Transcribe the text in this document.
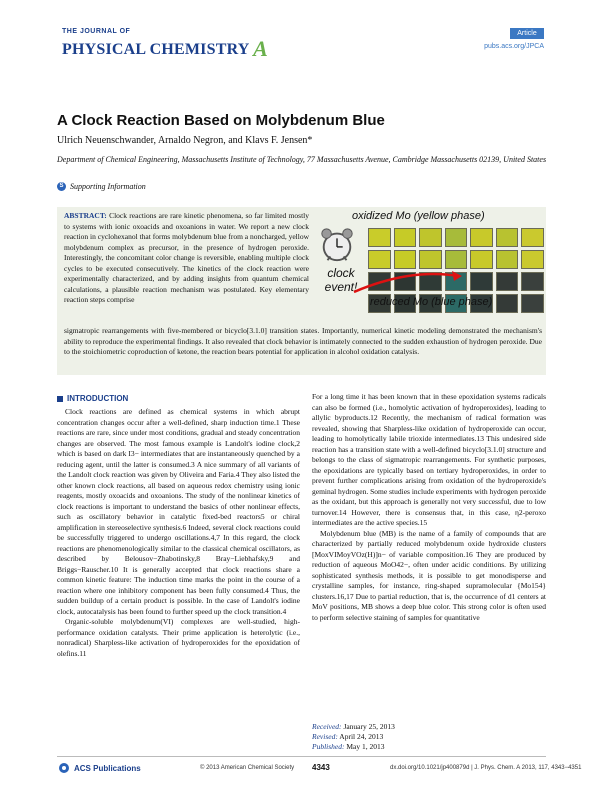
THE JOURNAL OF
PHYSICAL CHEMISTRY A
Article
pubs.acs.org/JPCA
A Clock Reaction Based on Molybdenum Blue
Ulrich Neuenschwander, Arnaldo Negron, and Klavs F. Jensen*
Department of Chemical Engineering, Massachusetts Institute of Technology, 77 Massachusetts Avenue, Cambridge Massachusetts 02139, United States
S Supporting Information
ABSTRACT: Clock reactions are rare kinetic phenomena, so far limited mostly to systems with ionic oxoacids and oxoanions in water. We report a new clock reaction in cyclohexanol that forms molybdenum blue from a noncharged, yellow molybdenum complex as precursor, in the presence of hydrogen peroxide. Interestingly, the concomitant color change is reversible, enabling multiple clock cycles to be executed consecutively. The kinetics of the clock reaction were experimentally characterized, and by adding insights from quantum chemical calculations, a plausible reaction mechanism was postulated. Key elementary reaction steps comprise
sigmatropic rearrangements with five-membered or bicyclo[3.1.0] transition states. Importantly, numerical kinetic modeling demonstrated the mechanism's ability to reproduce the experimental findings. It also revealed that clock behavior is intimately connected to the sudden exhaustion of hydrogen peroxide. Due to the stoichiometric coproduction of ketone, the reaction bears potential for application in alcohol oxidation catalysis.
oxidized Mo (yellow phase)
clock event!
reduced Mo (blue phase)
INTRODUCTION

Clock reactions are defined as chemical systems in which abrupt concentration changes occur after a well-defined, sharp induction time.1 These reactions are rare, since under most conditions, gradual and steady concentration changes are observed. The most famous example is Landolt's iodine clock,2 which is based on dark I3− intermediates that are instantaneously quenched by a reducing agent, until the latter is consumed.3 A nice summary of all variants of the Landolt clock reaction was given by Oliveira and Faria.4 They also listed the other known clock reactions, all based on aqueous redox chemistry using ionic reagents, mostly oxoacids and oxoanions. The study of the nonlinear kinetics of clock reactions is important to understand the basics of other nonlinear effects, such as oscillatory behavior in catalytic fixed-bed reactors5 or chiral amplification in stereoselective synthesis.6 Indeed, several clock reactions could be successfully triggered to undergo oscillations.4,7 In this regard, the clock reactions are phenomenologically similar to the classical chemical oscillators, as described by Belousov−Zhabotinsky,8 Bray−Liebhafsky,9 and Briggs−Rauscher.10 It is generally accepted that clock reactions share a common kinetic feature: The induction time marks the point in the course of a reaction where one inhibitory component has been fully consumed.4 Thus, the sudden buildup of a certain product is possible. In the case of Landolt's iodine clock, autocatalysis has been found to further speed up the clock transition.4

Organic-soluble molybdenum(VI) complexes are well-studied, high-performance oxidation catalysts. Their prime application is heterolytic (i.e., nonradical) Sharpless-like activation of hydroperoxides for the epoxidation of olefins.11

For a long time it has been known that in these epoxidation systems radicals can also be formed (i.e., homolytic activation of hydroperoxides), leading to allylic byproducts.12 Recently, the mechanism of radical formation was revealed, showing that Sharpless-like oxidation of hydroperoxide can occur, leading to homolytically labile trioxide intermediates.13 This undesired side reaction has a transition state with a well-defined bicyclo[3.1.0] structure and belongs to the class of sigmatropic rearrangements. For synthetic purposes, the epoxidations are typically based on tertiary hydroperoxides, in order to prevent further complications arising from oxidation of the hydroperoxide's geminal hydrogen. Some studies include experiments with hydrogen peroxide as the oxidant, but this approach is generally not very successful, due to low turnover.14 However, there is consensus that, in this case, η2-peroxo intermediates are the active species.15

Molybdenum blue (MB) is the name of a family of compounds that are characterized by partially reduced molybdenum oxide hydroxide clusters [MoxVIMoyVOz(H)]n− of variable composition.16 They are produced by reduction of aqueous MoO42−, often under acidic conditions. By utilizing sophisticated synthesis methods, it is possible to get monodisperse and crystalline samples, for instance, ring-shaped supramolecular {Mo154} clusters.16,17 Due to partial reduction, that is, the occurrence of d1 centers at MoV positions, MB shows a deep blue color. This strong color is often used to perform selective staining of samples for quantitative

Received: January 25, 2013
Revised: April 24, 2013
Published: May 1, 2013
ACS Publications	© 2013 American Chemical Society 4343	dx.doi.org/10.1021/jp400879d | J. Phys. Chem. A 2013, 117, 4343−4351
